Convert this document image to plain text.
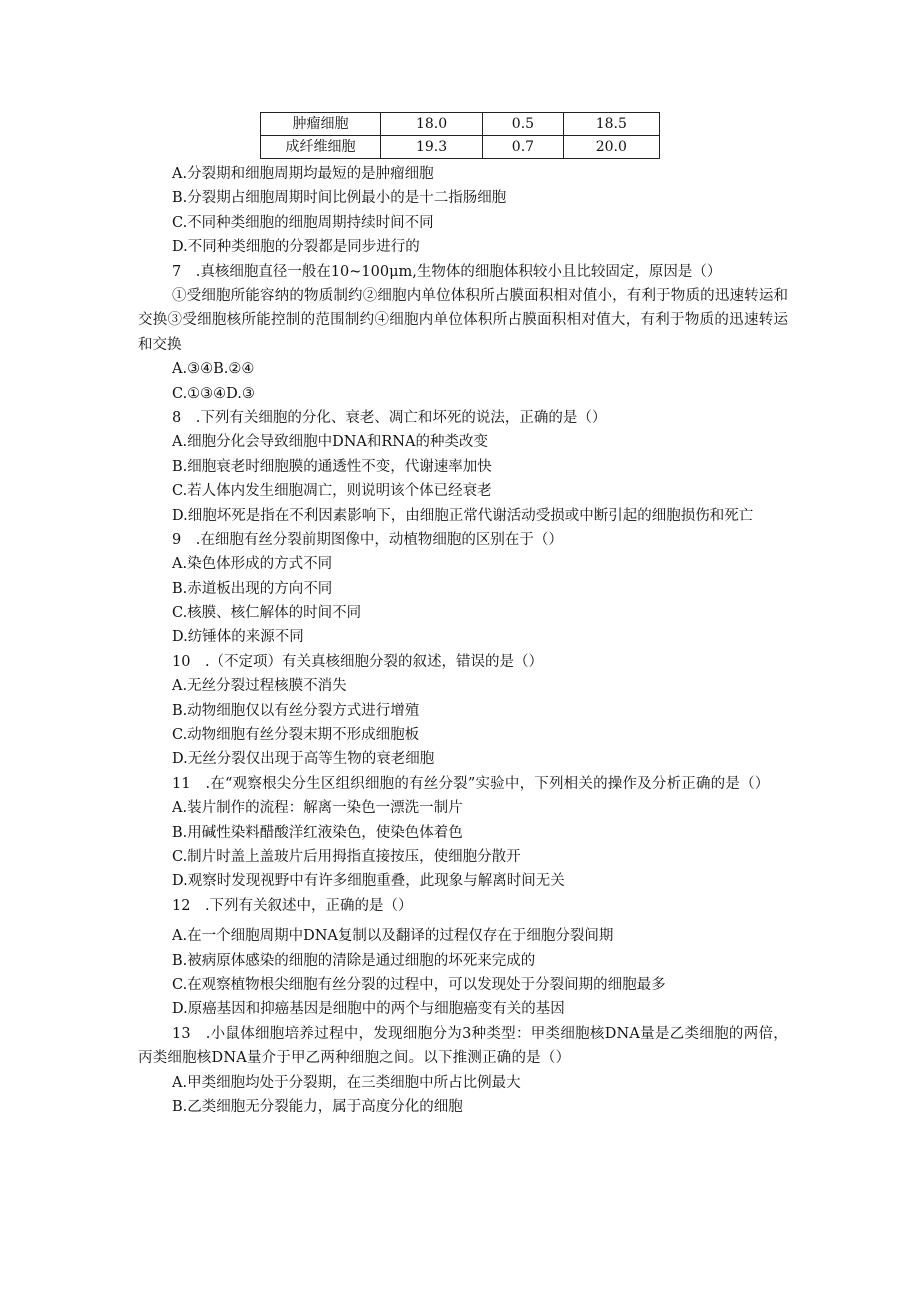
肿瘤细胞	18.0	0.5	18.5
成纤维细胞	19.3	0.7	20.0
A.分裂期和细胞周期均最短的是肿瘤细胞
B.分裂期占细胞周期时间比例最小的是十二指肠细胞
C.不同种类细胞的细胞周期持续时间不同
D.不同种类细胞的分裂都是同步进行的
7　.真核细胞直径一般在10~100μm,生物体的细胞体积较小且比较固定，原因是（）
①受细胞所能容纳的物质制约②细胞内单位体积所占膜面积相对值小，有利于物质的迅速转运和交换③受细胞核所能控制的范围制约④细胞内单位体积所占膜面积相对值大，有利于物质的迅速转运和交换
A.③④B.②④
C.①③④D.③
8　.下列有关细胞的分化、衰老、凋亡和坏死的说法，正确的是（）
A.细胞分化会导致细胞中DNA和RNA的种类改变
B.细胞衰老时细胞膜的通透性不变，代谢速率加快
C.若人体内发生细胞凋亡，则说明该个体已经衰老
D.细胞坏死是指在不利因素影响下，由细胞正常代谢活动受损或中断引起的细胞损伤和死亡
9　.在细胞有丝分裂前期图像中，动植物细胞的区别在于（）
A.染色体形成的方式不同
B.赤道板出现的方向不同
C.核膜、核仁解体的时间不同
D.纺锤体的来源不同
10　.（不定项）有关真核细胞分裂的叙述，错误的是（）
A.无丝分裂过程核膜不消失
B.动物细胞仅以有丝分裂方式进行增殖
C.动物细胞有丝分裂末期不形成细胞板
D.无丝分裂仅出现于高等生物的衰老细胞
11　.在“观察根尖分生区组织细胞的有丝分裂”实验中，下列相关的操作及分析正确的是（）
A.装片制作的流程：解离一染色一漂洗一制片
B.用碱性染料醋酸洋红液染色，使染色体着色
C.制片时盖上盖玻片后用拇指直接按压，使细胞分散开
D.观察时发现视野中有许多细胞重叠，此现象与解离时间无关
12　.下列有关叙述中，正确的是（）
A.在一个细胞周期中DNA复制以及翻译的过程仅存在于细胞分裂间期
B.被病原体感染的细胞的清除是通过细胞的坏死来完成的
C.在观察植物根尖细胞有丝分裂的过程中，可以发现处于分裂间期的细胞最多
D.原癌基因和抑癌基因是细胞中的两个与细胞癌变有关的基因
13　.小鼠体细胞培养过程中，发现细胞分为3种类型：甲类细胞核DNA量是乙类细胞的两倍，丙类细胞核DNA量介于甲乙两种细胞之间。以下推测正确的是（）
A.甲类细胞均处于分裂期，在三类细胞中所占比例最大
B.乙类细胞无分裂能力，属于高度分化的细胞
